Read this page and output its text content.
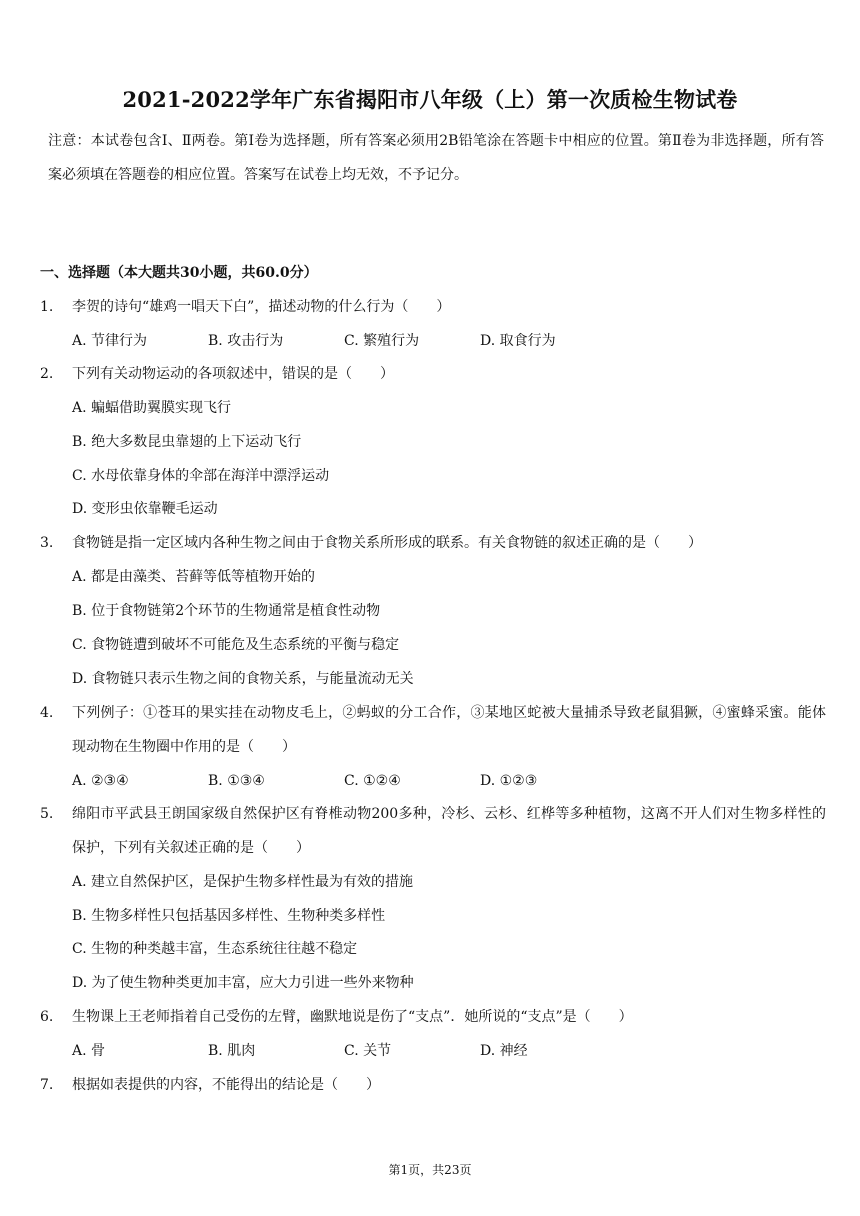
2021-2022学年广东省揭阳市八年级（上）第一次质检生物试卷
注意：本试卷包含Ⅰ、Ⅱ两卷。第Ⅰ卷为选择题，所有答案必须用2B铅笔涂在答题卡中相应的位置。第Ⅱ卷为非选择题，所有答案必须填在答题卷的相应位置。答案写在试卷上均无效，不予记分。
一、选择题（本大题共30小题，共60.0分）
1. 李贺的诗句“雄鸡一唱天下白”，描述动物的什么行为（　　）
A. 节律行为	B. 攻击行为	C. 繁殖行为	D. 取食行为
2. 下列有关动物运动的各项叙述中，错误的是（　　）
A. 蝙蝠借助翼膜实现飞行
B. 绝大多数昆虫靠翅的上下运动飞行
C. 水母依靠身体的伞部在海洋中漂浮运动
D. 变形虫依靠鞭毛运动
3. 食物链是指一定区域内各种生物之间由于食物关系所形成的联系。有关食物链的叙述正确的是（　　）
A. 都是由藻类、苔藓等低等植物开始的
B. 位于食物链第2个环节的生物通常是植食性动物
C. 食物链遭到破坏不可能危及生态系统的平衡与稳定
D. 食物链只表示生物之间的食物关系，与能量流动无关
4. 下列例子：①苍耳的果实挂在动物皮毛上，②蚂蚁的分工合作，③某地区蛇被大量捕杀导致老鼠猖獗，④蜜蜂采蜜。能体现动物在生物圈中作用的是（　　）
A. ②③④	B. ①③④	C. ①②④	D. ①②③
5. 绵阳市平武县王朗国家级自然保护区有脊椎动物200多种，冷杉、云杉、红桦等多种植物，这离不开人们对生物多样性的保护，下列有关叙述正确的是（　　）
A. 建立自然保护区，是保护生物多样性最为有效的措施
B. 生物多样性只包括基因多样性、生物种类多样性
C. 生物的种类越丰富，生态系统往往越不稳定
D. 为了使生物种类更加丰富，应大力引进一些外来物种
6. 生物课上王老师指着自己受伤的左臂，幽默地说是伤了“支点”．她所说的“支点”是（　　）
A. 骨	B. 肌肉	C. 关节	D. 神经
7. 根据如表提供的内容，不能得出的结论是（　　）
第1页，共23页
